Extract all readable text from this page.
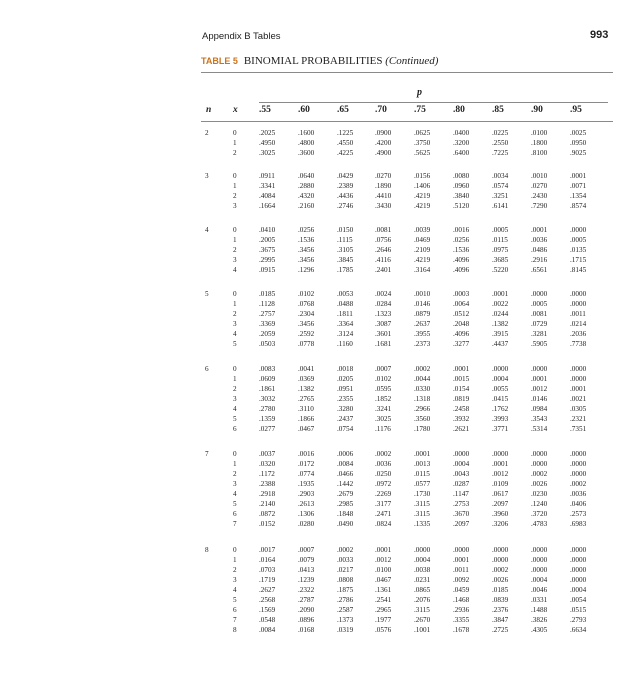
Appendix B Tables	993
TABLE 5 BINOMIAL PROBABILITIES (Continued)
p
n x .55	.60	.65	.70	.75	.80	.85	.90	.95
2	0	.2025	.1600	.1225	.0900	.0625	.0400	.0225	.0100	.0025
1	.4950	.4800	.4550	.4200	.3750	.3200	.2550	.1800	.0950
2	.3025	.3600	.4225	.4900	.5625	.6400	.7225	.8100	.9025
3	0	.0911	.0640	.0429	.0270	.0156	.0080	.0034	.0010	.0001
1	.3341	.2880	.2389	.1890	.1406	.0960	.0574	.0270	.0071
2	.4084	.4320	.4436	.4410	.4219	.3840	.3251	.2430	.1354
3	.1664	.2160	.2746	.3430	.4219	.5120	.6141	.7290	.8574
4	0	.0410	.0256	.0150	.0081	.0039	.0016	.0005	.0001	.0000
1	.2005	.1536	.1115	.0756	.0469	.0256	.0115	.0036	.0005
2	.3675	.3456	.3105	.2646	.2109	.1536	.0975	.0486	.0135
3	.2995	.3456	.3845	.4116	.4219	.4096	.3685	.2916	.1715
4	.0915	.1296	.1785	.2401	.3164	.4096	.5220	.6561	.8145
5	0	.0185	.0102	.0053	.0024	.0010	.0003	.0001	.0000	.0000
1	.1128	.0768	.0488	.0284	.0146	.0064	.0022	.0005	.0000
2	.2757	.2304	.1811	.1323	.0879	.0512	.0244	.0081	.0011
3	.3369	.3456	.3364	.3087	.2637	.2048	.1382	.0729	.0214
4	.2059	.2592	.3124	.3601	.3955	.4096	.3915	.3281	.2036
5	.0503	.0778	.1160	.1681	.2373	.3277	.4437	.5905	.7738
6	0	.0083	.0041	.0018	.0007	.0002	.0001	.0000	.0000	.0000
1	.0609	.0369	.0205	.0102	.0044	.0015	.0004	.0001	.0000
2	.1861	.1382	.0951	.0595	.0330	.0154	.0055	.0012	.0001
3	.3032	.2765	.2355	.1852	.1318	.0819	.0415	.0146	.0021
4	.2780	.3110	.3280	.3241	.2966	.2458	.1762	.0984	.0305
5	.1359	.1866	.2437	.3025	.3560	.3932	.3993	.3543	.2321
6	.0277	.0467	.0754	.1176	.1780	.2621	.3771	.5314	.7351
7	0	.0037	.0016	.0006	.0002	.0001	.0000	.0000	.0000	.0000
1	.0320	.0172	.0084	.0036	.0013	.0004	.0001	.0000	.0000
2	.1172	.0774	.0466	.0250	.0115	.0043	.0012	.0002	.0000
3	.2388	.1935	.1442	.0972	.0577	.0287	.0109	.0026	.0002
4	.2918	.2903	.2679	.2269	.1730	.1147	.0617	.0230	.0036
5	.2140	.2613	.2985	.3177	.3115	.2753	.2097	.1240	.0406
6	.0872	.1306	.1848	.2471	.3115	.3670	.3960	.3720	.2573
7	.0152	.0280	.0490	.0824	.1335	.2097	.3206	.4783	.6983
8	0	.0017	.0007	.0002	.0001	.0000	.0000	.0000	.0000	.0000
1	.0164	.0079	.0033	.0012	.0004	.0001	.0000	.0000	.0000
2	.0703	.0413	.0217	.0100	.0038	.0011	.0002	.0000	.0000
3	.1719	.1239	.0808	.0467	.0231	.0092	.0026	.0004	.0000
4	.2627	.2322	.1875	.1361	.0865	.0459	.0185	.0046	.0004
5	.2568	.2787	.2786	.2541	.2076	.1468	.0839	.0331	.0054
6	.1569	.2090	.2587	.2965	.3115	.2936	.2376	.1488	.0515
7	.0548	.0896	.1373	.1977	.2670	.3355	.3847	.3826	.2793
8	.0084	.0168	.0319	.0576	.1001	.1678	.2725	.4305	.6634
